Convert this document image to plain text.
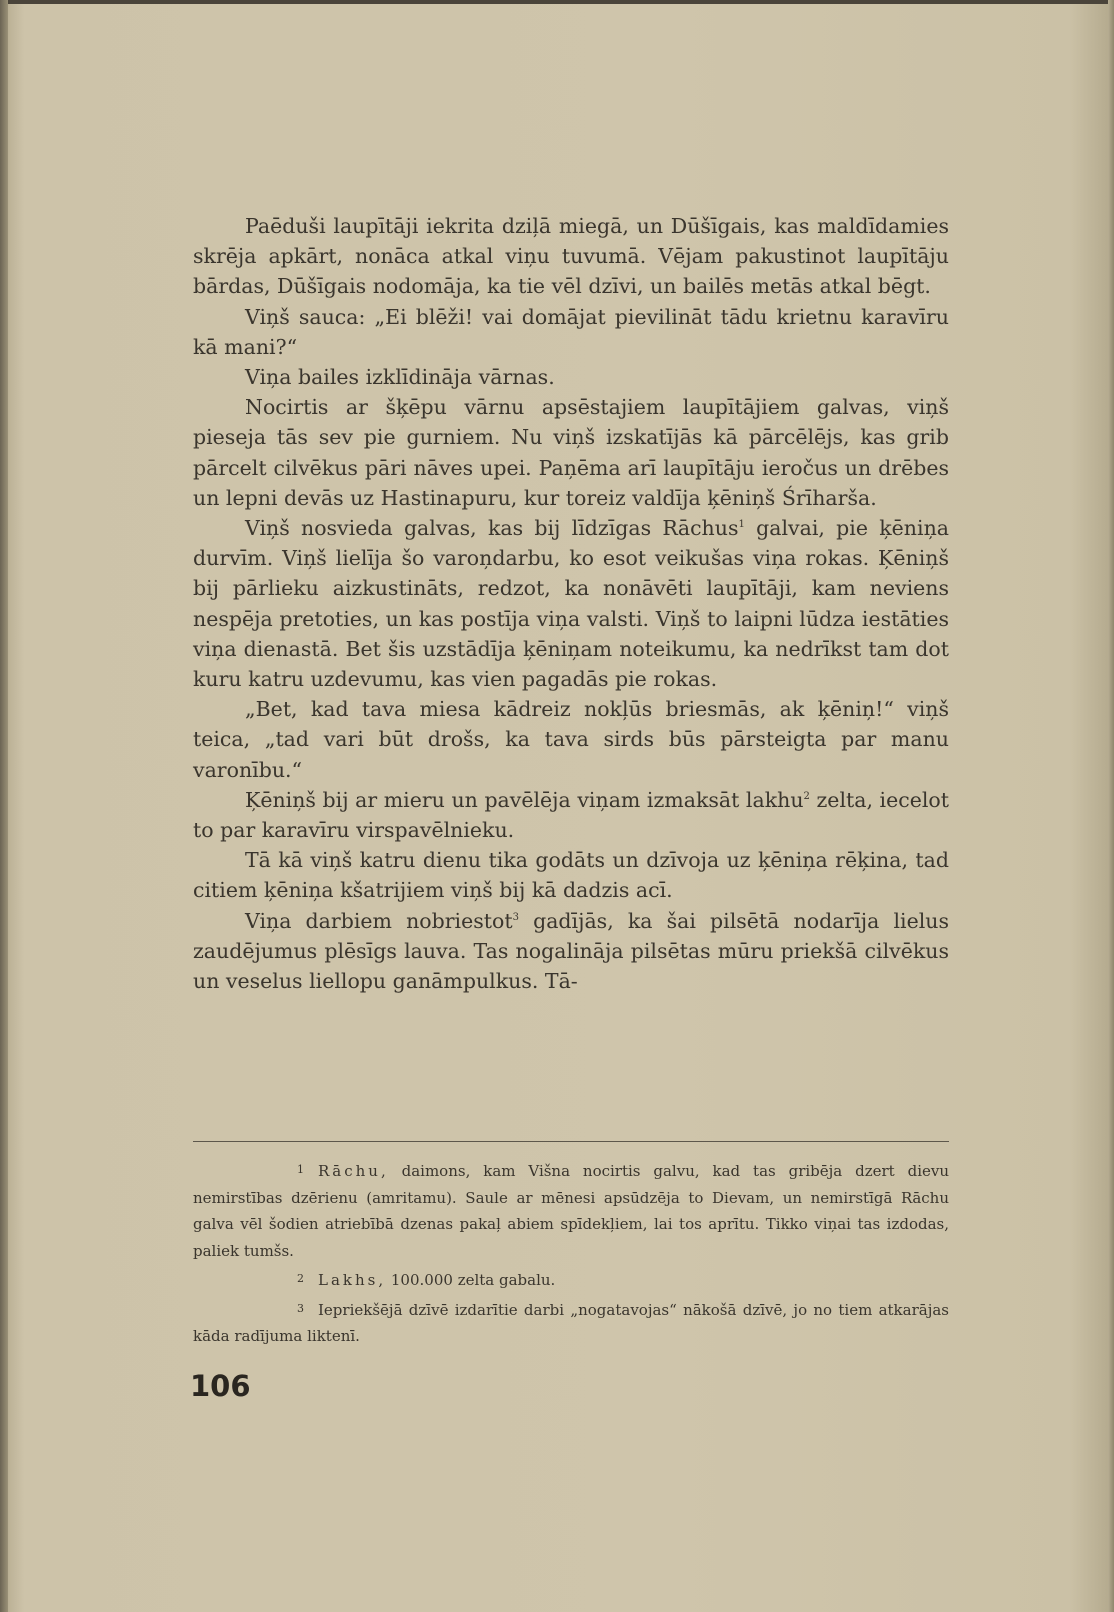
Paēduši laupītāji iekrita dziļā miegā, un Dūšīgais, kas maldīdamies skrēja apkārt, nonāca atkal viņu tuvumā. Vējam pakustinot laupītāju bārdas, Dūšīgais nodomāja, ka tie vēl dzīvi, un bailēs metās atkal bēgt.

Viņš sauca: „Ei blēži! vai domājat pievilināt tādu krietnu karavīru kā mani?“

Viņa bailes izklīdināja vārnas.

Nocirtis ar šķēpu vārnu apsēstajiem laupītājiem galvas, viņš pieseja tās sev pie gurniem. Nu viņš izskatījās kā pārcēlējs, kas grib pārcelt cilvēkus pāri nāves upei. Paņēma arī laupītāju ieročus un drēbes un lepni devās uz Hastinapuru, kur toreiz valdīja ķēniņš Śrīharša.

Viņš nosvieda galvas, kas bij līdzīgas Rāchus$^1$ galvai, pie ķēniņa durvīm. Viņš lielīja šo varoņdarbu, ko esot veikušas viņa rokas. Ķēniņš bij pārlieku aizkustināts, redzot, ka nonāvēti laupītāji, kam neviens nespēja pretoties, un kas postīja viņa valsti. Viņš to laipni lūdza iestāties viņa dienastā. Bet šis uzstādīja ķēniņam noteikumu, ka nedrīkst tam dot kuru katru uzdevumu, kas vien pagadās pie rokas.

„Bet, kad tava miesa kādreiz nokļūs briesmās, ak ķēniņ!“ viņš teica, „tad vari būt drošs, ka tava sirds būs pārsteigta par manu varonību.“

Ķēniņš bij ar mieru un pavēlēja viņam izmaksāt lakhu$^2$ zelta, iecelot to par karavīru virspavēlnieku.

Tā kā viņš katru dienu tika godāts un dzīvoja uz ķēniņa rēķina, tad citiem ķēniņa kšatrijiem viņš bij kā dadzis acī.

Viņa darbiem nobriestot$^3$ gadījās, ka šai pilsētā nodarīja lielus zaudējumus plēsīgs lauva. Tas nogalināja pilsētas mūru priekšā cilvēkus un veselus liellopu ganāmpulkus. Tā-

1 Rāchu, daimons, kam Višna nocirtis galvu, kad tas gribēja dzert dievu nemirstības dzērienu (amritamu). Saule ar mēnesi apsūdzēja to Dievam, un nemirstīgā Rāchu galva vēl šodien atriebībā dzenas pakaļ abiem spīdekļiem, lai tos aprītu. Tikko viņai tas izdodas, paliek tumšs.

2 Lakhs, 100.000 zelta gabalu.

3 Iepriekšējā dzīvē izdarītie darbi „nogatavojas“ nākošā dzīvē, jo no tiem atkarājas kāda radījuma liktenī.

106
